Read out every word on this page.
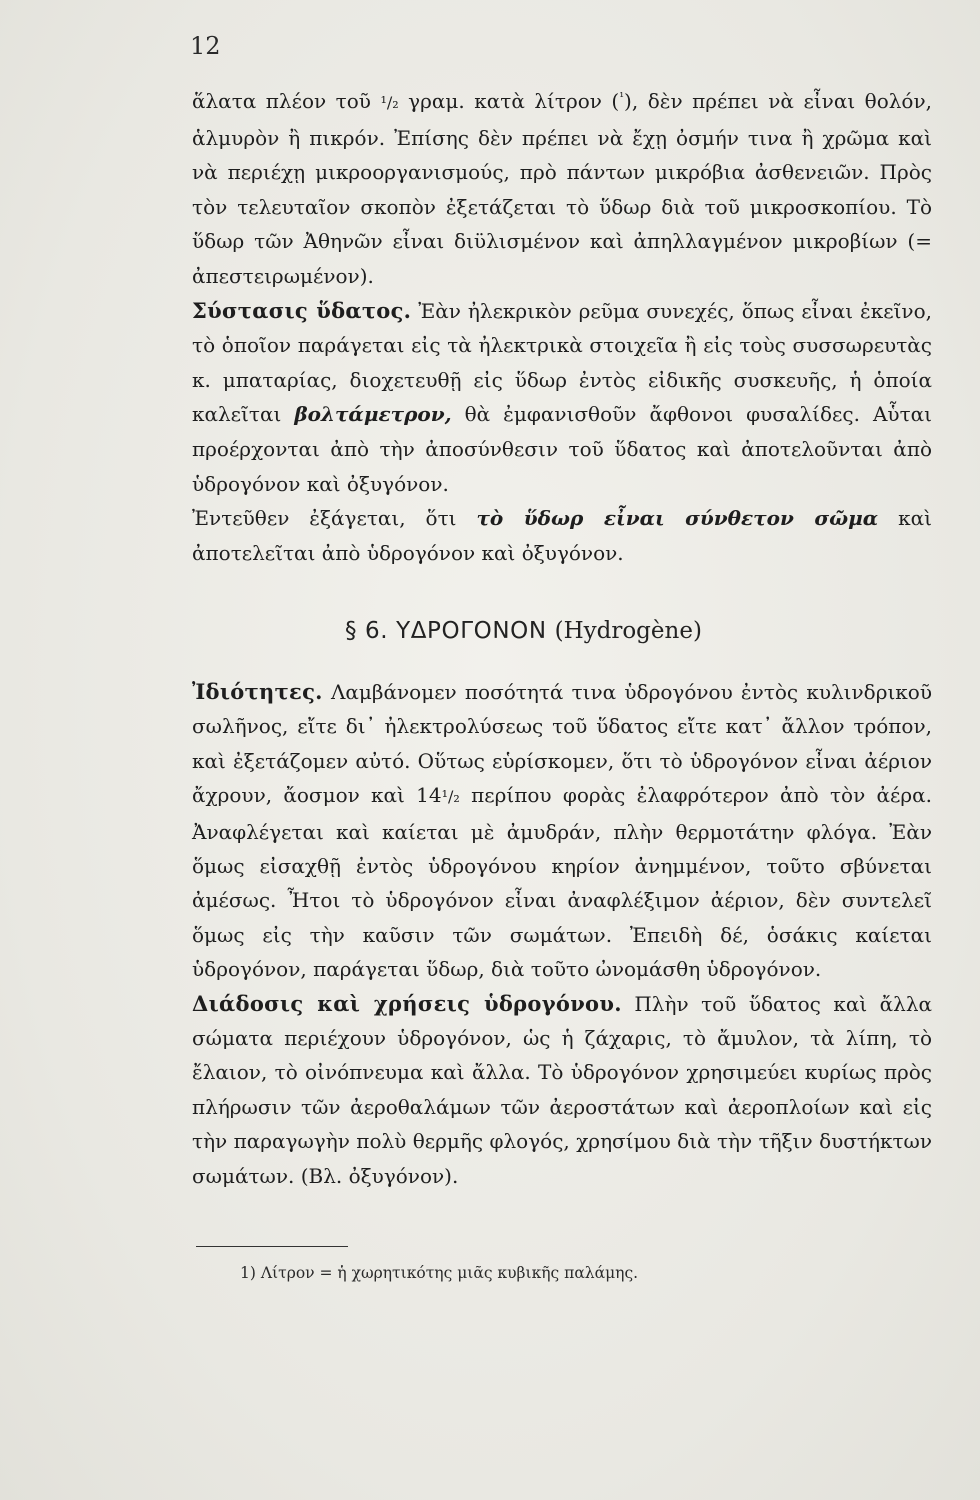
12

ἅλατα πλέον τοῦ ¹/₂ γραμ. κατὰ λίτρον ($^{^1}$), δὲν πρέπει νὰ εἶναι θολόν, ἁλμυρὸν ἢ πικρόν. Ἐπίσης δὲν πρέπει νὰ ἔχῃ ὀσμήν τινα ἢ χρῶμα καὶ νὰ περιέχῃ μικροοργανισμούς, πρὸ πάντων μικρόβια ἀσθενειῶν. Πρὸς τὸν τελευταῖον σκοπὸν ἐξετάζεται τὸ ὕδωρ διὰ τοῦ μικροσκοπίου. Τὸ ὕδωρ τῶν Ἀθηνῶν εἶναι διϋλισμένον καὶ ἀπηλλαγμένον μικροβίων (= ἀπεστειρωμένον).

Σύστασις ὕδατος. Ἐὰν ἠλεκρικὸν ρεῦμα συνεχές, ὅπως εἶναι ἐκεῖνο, τὸ ὁποῖον παράγεται εἰς τὰ ἠλεκτρικὰ στοιχεῖα ἢ εἰς τοὺς συσσωρευτὰς κ. μπαταρίας, διοχετευθῇ εἰς ὕδωρ ἐντὸς εἰδικῆς συσκευῆς, ἡ ὁποία καλεῖται βολτάμετρον, θὰ ἐμφανισθοῦν ἄφθονοι φυσαλίδες. Αὗται προέρχονται ἀπὸ τὴν ἀποσύνθεσιν τοῦ ὕδατος καὶ ἀποτελοῦνται ἀπὸ ὑδρογόνον καὶ ὀξυγόνον.

Ἐντεῦθεν ἐξάγεται, ὅτι τὸ ὕδωρ εἶναι σύνθετον σῶμα καὶ ἀποτελεῖται ἀπὸ ὑδρογόνον καὶ ὀξυγόνον.

§ 6. ΥΔΡΟΓΟΝΟΝ (Hydrogène)

Ἰδιότητες. Λαμβάνομεν ποσότητά τινα ὑδρογόνου ἐντὸς κυλινδρικοῦ σωλῆνος, εἴτε δι᾽ ἠλεκτρολύσεως τοῦ ὕδατος εἴτε κατ᾽ ἄλλον τρόπον, καὶ ἐξετάζομεν αὐτό. Οὕτως εὑρίσκομεν, ὅτι τὸ ὑδρογόνον εἶναι ἀέριον ἄχρουν, ἄοσμον καὶ 14¹/₂ περίπου φορὰς ἐλαφρότερον ἀπὸ τὸν ἀέρα. Ἀναφλέγεται καὶ καίεται μὲ ἀμυδράν, πλὴν θερμοτάτην φλόγα. Ἐὰν ὅμως εἰσαχθῇ ἐντὸς ὑδρογόνου κηρίον ἀνημμένον, τοῦτο σβύνεται ἀμέσως. Ἦτοι τὸ ὑδρογόνον εἶναι ἀναφλέξιμον ἀέριον, δὲν συντελεῖ ὅμως εἰς τὴν καῦσιν τῶν σωμάτων. Ἐπειδὴ δέ, ὁσάκις καίεται ὑδρογόνον, παράγεται ὕδωρ, διὰ τοῦτο ὠνομάσθη ὑδρογόνον.

Διάδοσις καὶ χρήσεις ὑδρογόνου. Πλὴν τοῦ ὕδατος καὶ ἄλλα σώματα περιέχουν ὑδρογόνον, ὡς ἡ ζάχαρις, τὸ ἄμυλον, τὰ λίπη, τὸ ἔλαιον, τὸ οἰνόπνευμα καὶ ἄλλα. Τὸ ὑδρογόνον χρησιμεύει κυρίως πρὸς πλήρωσιν τῶν ἀεροθαλάμων τῶν ἀεροστάτων καὶ ἀεροπλοίων καὶ εἰς τὴν παραγωγὴν πολὺ θερμῆς φλογός, χρησίμου διὰ τὴν τῆξιν δυστήκτων σωμάτων. (Βλ. ὀξυγόνον).

1) Λίτρον = ἡ χωρητικότης μιᾶς κυβικῆς παλάμης.
